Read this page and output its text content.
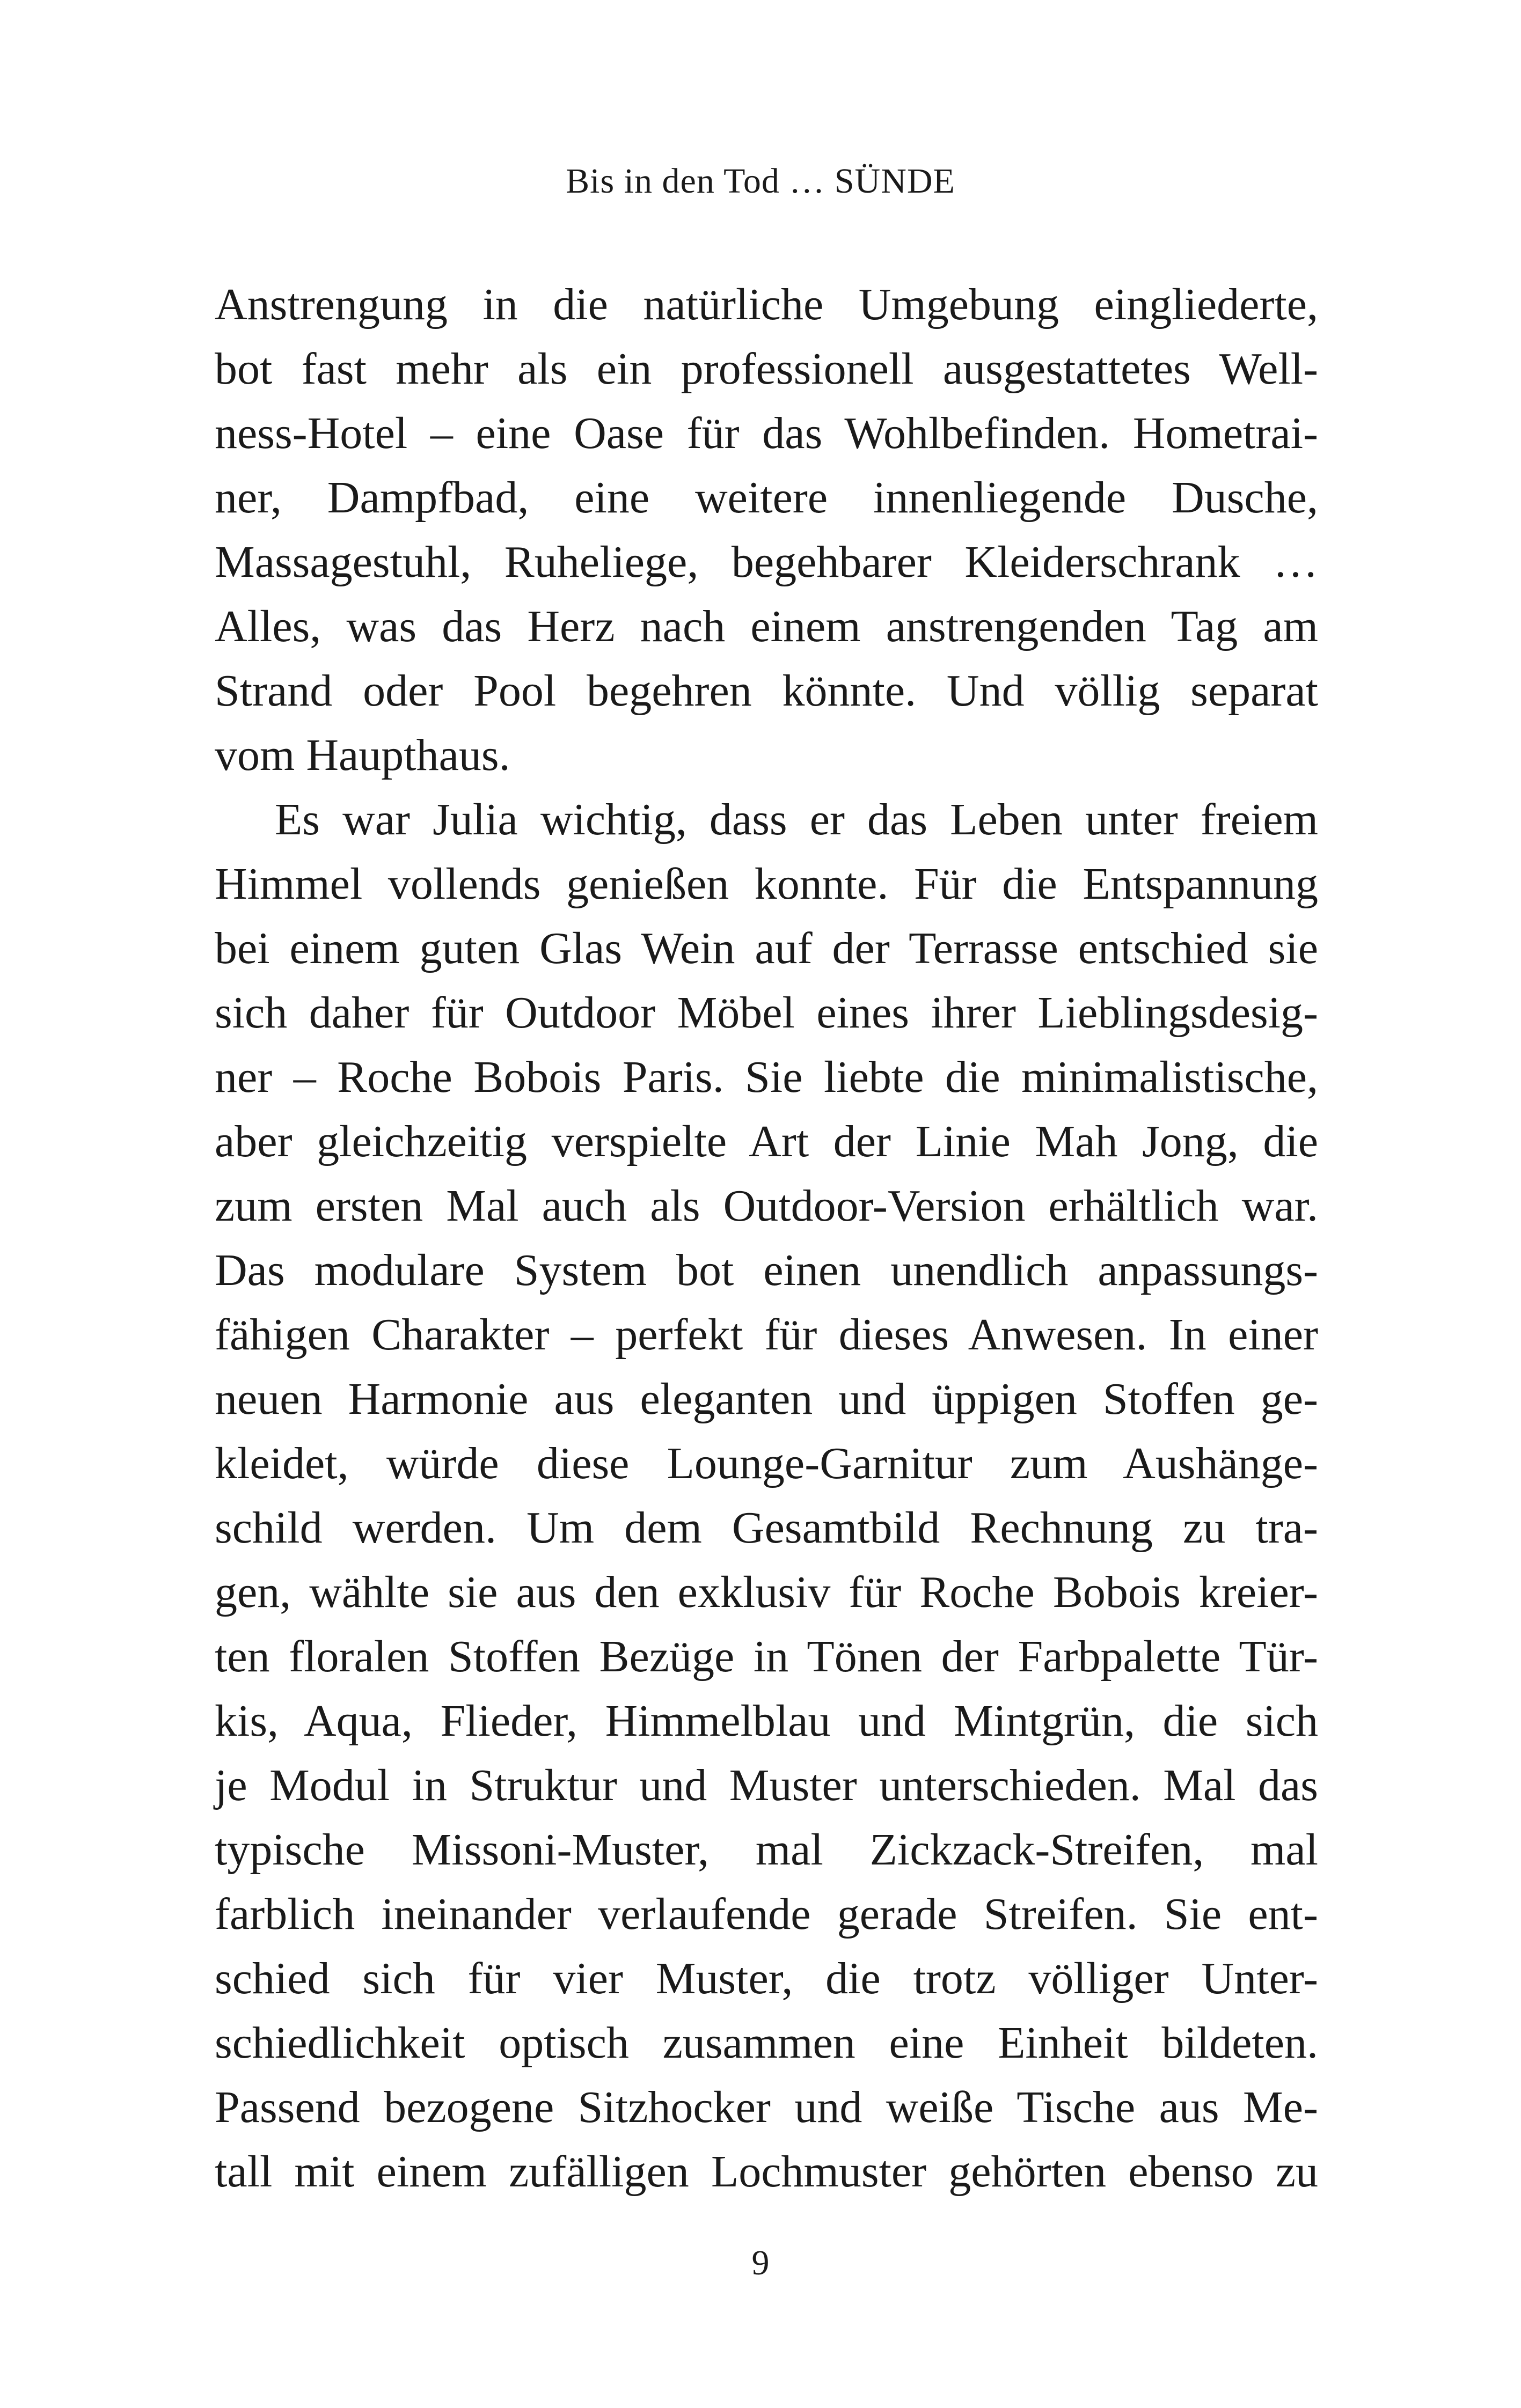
Bis in den Tod … SÜNDE

Anstrengung in die natürliche Umgebung eingliederte,
bot fast mehr als ein professionell ausgestattetes Well-
ness-Hotel – eine Oase für das Wohlbefinden. Hometrai-
ner, Dampfbad, eine weitere innenliegende Dusche,
Massagestuhl, Ruheliege, begehbarer Kleiderschrank …
Alles, was das Herz nach einem anstrengenden Tag am
Strand oder Pool begehren könnte. Und völlig separat
vom Haupthaus.
Es war Julia wichtig, dass er das Leben unter freiem
Himmel vollends genießen konnte. Für die Entspannung
bei einem guten Glas Wein auf der Terrasse entschied sie
sich daher für Outdoor Möbel eines ihrer Lieblingsdesig-
ner – Roche Bobois Paris. Sie liebte die minimalistische,
aber gleichzeitig verspielte Art der Linie Mah Jong, die
zum ersten Mal auch als Outdoor-Version erhältlich war.
Das modulare System bot einen unendlich anpassungs-
fähigen Charakter – perfekt für dieses Anwesen. In einer
neuen Harmonie aus eleganten und üppigen Stoffen ge-
kleidet, würde diese Lounge-Garnitur zum Aushänge-
schild werden. Um dem Gesamtbild Rechnung zu tra-
gen, wählte sie aus den exklusiv für Roche Bobois kreier-
ten floralen Stoffen Bezüge in Tönen der Farbpalette Tür-
kis, Aqua, Flieder, Himmelblau und Mintgrün, die sich
je Modul in Struktur und Muster unterschieden. Mal das
typische Missoni-Muster, mal Zickzack-Streifen, mal
farblich ineinander verlaufende gerade Streifen. Sie ent-
schied sich für vier Muster, die trotz völliger Unter-
schiedlichkeit optisch zusammen eine Einheit bildeten.
Passend bezogene Sitzhocker und weiße Tische aus Me-
tall mit einem zufälligen Lochmuster gehörten ebenso zu

9
